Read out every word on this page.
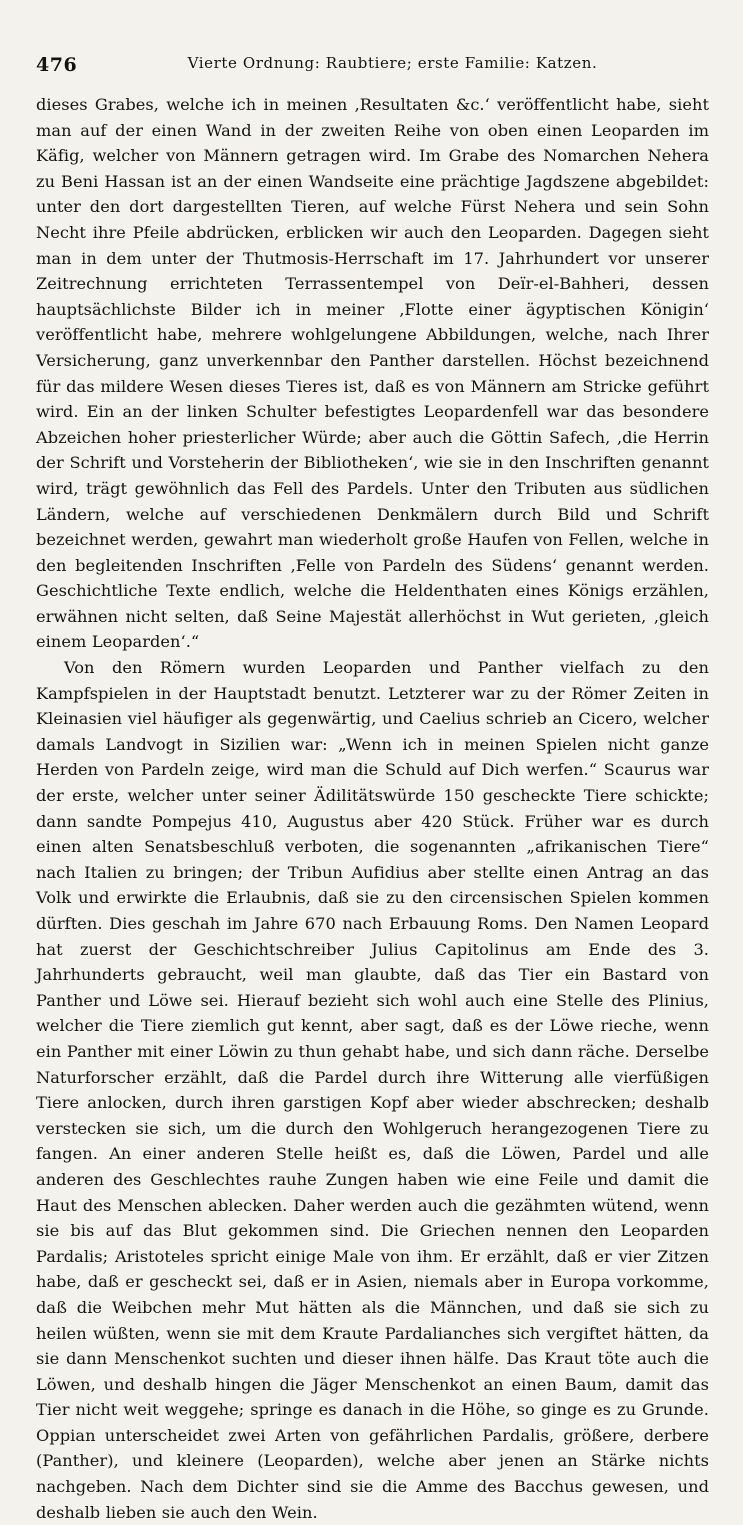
476	Vierte Ordnung: Raubtiere; erste Familie: Katzen.

dieses Grabes, welche ich in meinen ‚Resultaten &c.‘ veröffentlicht habe, sieht man auf der einen Wand in der zweiten Reihe von oben einen Leoparden im Käfig, welcher von Männern getragen wird. Im Grabe des Nomarchen Nehera zu Beni Hassan ist an der einen Wandseite eine prächtige Jagdszene abgebildet: unter den dort dargestellten Tieren, auf welche Fürst Nehera und sein Sohn Necht ihre Pfeile abdrücken, erblicken wir auch den Leoparden. Dagegen sieht man in dem unter der Thutmosis-Herrschaft im 17. Jahrhundert vor unserer Zeitrechnung errichteten Terrassentempel von Deïr-el-Bahheri, dessen hauptsächlichste Bilder ich in meiner ‚Flotte einer ägyptischen Königin‘ veröffentlicht habe, mehrere wohlgelungene Abbildungen, welche, nach Ihrer Versicherung, ganz unverkennbar den Panther darstellen. Höchst bezeichnend für das mildere Wesen dieses Tieres ist, daß es von Männern am Stricke geführt wird. Ein an der linken Schulter befestigtes Leopardenfell war das besondere Abzeichen hoher priesterlicher Würde; aber auch die Göttin Safech, ‚die Herrin der Schrift und Vorsteherin der Bibliotheken‘, wie sie in den Inschriften genannt wird, trägt gewöhnlich das Fell des Pardels. Unter den Tributen aus südlichen Ländern, welche auf verschiedenen Denkmälern durch Bild und Schrift bezeichnet werden, gewahrt man wiederholt große Haufen von Fellen, welche in den begleitenden Inschriften ‚Felle von Pardeln des Südens‘ genannt werden. Geschichtliche Texte endlich, welche die Heldenthaten eines Königs erzählen, erwähnen nicht selten, daß Seine Majestät allerhöchst in Wut gerieten, ‚gleich einem Leoparden‘.“

Von den Römern wurden Leoparden und Panther vielfach zu den Kampfspielen in der Hauptstadt benutzt. Letzterer war zu der Römer Zeiten in Kleinasien viel häufiger als gegenwärtig, und Caelius schrieb an Cicero, welcher damals Landvogt in Sizilien war: „Wenn ich in meinen Spielen nicht ganze Herden von Pardeln zeige, wird man die Schuld auf Dich werfen.“ Scaurus war der erste, welcher unter seiner Ädilitätswürde 150 gescheckte Tiere schickte; dann sandte Pompejus 410, Augustus aber 420 Stück. Früher war es durch einen alten Senatsbeschluß verboten, die sogenannten „afrikanischen Tiere“ nach Italien zu bringen; der Tribun Aufidius aber stellte einen Antrag an das Volk und erwirkte die Erlaubnis, daß sie zu den circensischen Spielen kommen dürften. Dies geschah im Jahre 670 nach Erbauung Roms. Den Namen Leopard hat zuerst der Geschichtschreiber Julius Capitolinus am Ende des 3. Jahrhunderts gebraucht, weil man glaubte, daß das Tier ein Bastard von Panther und Löwe sei. Hierauf bezieht sich wohl auch eine Stelle des Plinius, welcher die Tiere ziemlich gut kennt, aber sagt, daß es der Löwe rieche, wenn ein Panther mit einer Löwin zu thun gehabt habe, und sich dann räche. Derselbe Naturforscher erzählt, daß die Pardel durch ihre Witterung alle vierfüßigen Tiere anlocken, durch ihren garstigen Kopf aber wieder abschrecken; deshalb verstecken sie sich, um die durch den Wohlgeruch herangezogenen Tiere zu fangen. An einer anderen Stelle heißt es, daß die Löwen, Pardel und alle anderen des Geschlechtes rauhe Zungen haben wie eine Feile und damit die Haut des Menschen ablecken. Daher werden auch die gezähmten wütend, wenn sie bis auf das Blut gekommen sind. Die Griechen nennen den Leoparden Pardalis; Aristoteles spricht einige Male von ihm. Er erzählt, daß er vier Zitzen habe, daß er gescheckt sei, daß er in Asien, niemals aber in Europa vorkomme, daß die Weibchen mehr Mut hätten als die Männchen, und daß sie sich zu heilen wüßten, wenn sie mit dem Kraute Pardalianches sich vergiftet hätten, da sie dann Menschenkot suchten und dieser ihnen hälfe. Das Kraut töte auch die Löwen, und deshalb hingen die Jäger Menschenkot an einen Baum, damit das Tier nicht weit weggehe; springe es danach in die Höhe, so ginge es zu Grunde. Oppian unterscheidet zwei Arten von gefährlichen Pardalis, größere, derbere (Panther), und kleinere (Leoparden), welche aber jenen an Stärke nichts nachgeben. Nach dem Dichter sind sie die Amme des Bacchus gewesen, und deshalb lieben sie auch den Wein.
